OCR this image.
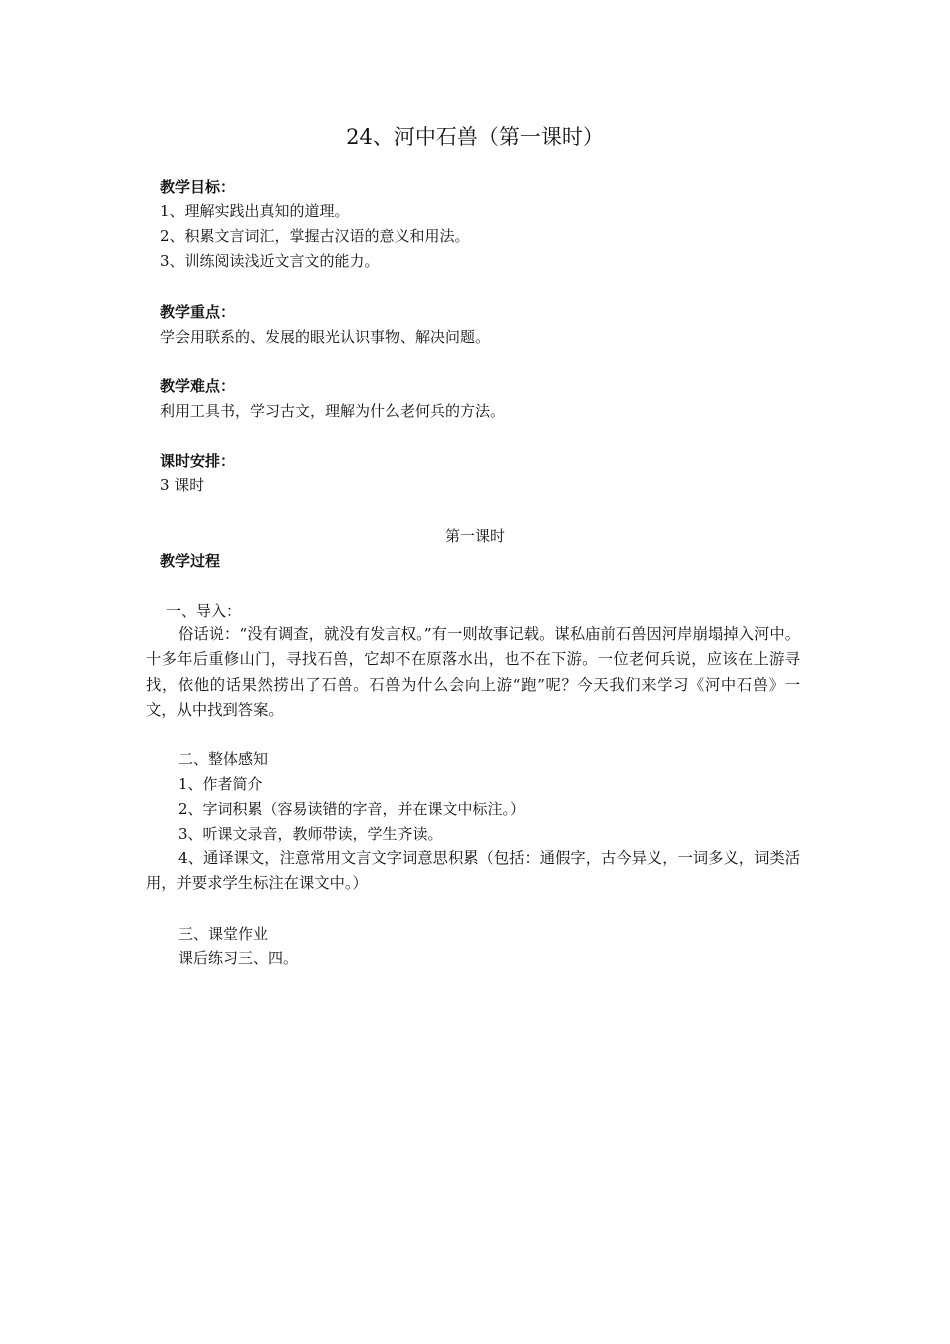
24、河中石兽（第一课时）
教学目标：
1、理解实践出真知的道理。
2、积累文言词汇，掌握古汉语的意义和用法。
3、训练阅读浅近文言文的能力。
教学重点：
学会用联系的、发展的眼光认识事物、解决问题。
教学难点：
利用工具书，学习古文，理解为什么老何兵的方法。
课时安排：
3 课时
第一课时
教学过程
一、导入：

俗话说：“没有调查，就没有发言权。”有一则故事记载。谋私庙前石兽因河岸崩塌掉入河中。十多年后重修山门，寻找石兽，它却不在原落水出，也不在下游。一位老何兵说，应该在上游寻找，依他的话果然捞出了石兽。石兽为什么会向上游“跑”呢？今天我们来学习《河中石兽》一文，从中找到答案。

二、整体感知
1、作者简介
2、字词积累（容易读错的字音，并在课文中标注。）
3、听课文录音，教师带读，学生齐读。

4、通译课文，注意常用文言文字词意思积累（包括：通假字，古今异义，一词多义，词类活用，并要求学生标注在课文中。）

三、课堂作业
课后练习三、四。
